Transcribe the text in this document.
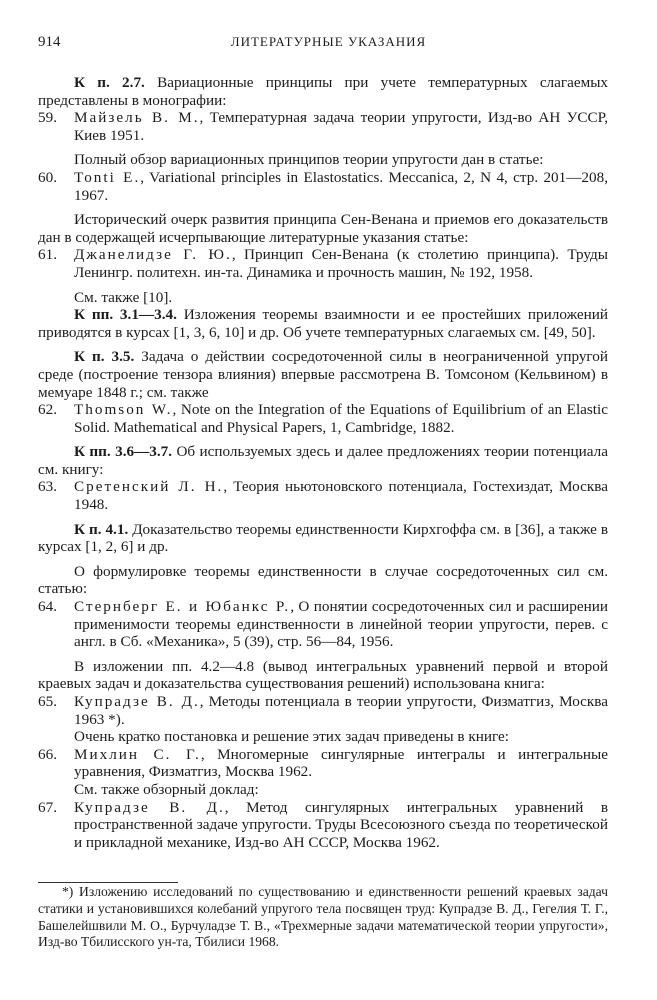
914	ЛИТЕРАТУРНЫЕ УКАЗАНИЯ

К п. 2.7. Вариационные принципы при учете температурных слагаемых представлены в монографии:

59. Майзель В. М., Температурная задача теории упругости, Изд-во АН УССР, Киев 1951.

Полный обзор вариационных принципов теории упругости дан в статье:

60. Tonti E., Variational principles in Elastostatics. Meccanica, 2, N 4, стр. 201—208, 1967.

Исторический очерк развития принципа Сен-Венана и приемов его доказательств дан в содержащей исчерпывающие литературные указания статье:

61. Джанелидзе Г. Ю., Принцип Сен-Венана (к столетию принципа). Труды Ленингр. политехн. ин-та. Динамика и прочность машин, № 192, 1958.

См. также [10].

К пп. 3.1—3.4. Изложения теоремы взаимности и ее простейших приложений приводятся в курсах [1, 3, 6, 10] и др. Об учете температурных слагаемых см. [49, 50].

К п. 3.5. Задача о действии сосредоточенной силы в неограниченной упругой среде (построение тензора влияния) впервые рассмотрена В. Томсоном (Кельвином) в мемуаре 1848 г.; см. также

62. Thomson W., Note on the Integration of the Equations of Equilibrium of an Elastic Solid. Mathematical and Physical Papers, 1, Cambridge, 1882.

К пп. 3.6—3.7. Об используемых здесь и далее предложениях теории потенциала см. книгу:

63. Сретенский Л. Н., Теория ньютоновского потенциала, Гостехиздат, Москва 1948.

К п. 4.1. Доказательство теоремы единственности Кирхгоффа см. в [36], а также в курсах [1, 2, 6] и др.

О формулировке теоремы единственности в случае сосредоточенных сил см. статью:

64. Стернберг Е. и Юбанкс Р., О понятии сосредоточенных сил и расширении применимости теоремы единственности в линейной теории упругости, перев. с англ. в Сб. «Механика», 5 (39), стр. 56—84, 1956.

В изложении пп. 4.2—4.8 (вывод интегральных уравнений первой и второй краевых задач и доказательства существования решений) использована книга:

65. Купрадзе В. Д., Методы потенциала в теории упругости, Физматгиз, Москва 1963 *).

Очень кратко постановка и решение этих задач приведены в книге:

66. Михлин С. Г., Многомерные сингулярные интегралы и интегральные уравнения, Физматгиз, Москва 1962.

См. также обзорный доклад:

67. Купрадзе В. Д., Метод сингулярных интегральных уравнений в пространственной задаче упругости. Труды Всесоюзного съезда по теоретической и прикладной механике, Изд-во АН СССР, Москва 1962.

*) Изложению исследований по существованию и единственности решений краевых задач статики и установившихся колебаний упругого тела посвящен труд: Купрадзе В. Д., Гегелия Т. Г., Башелейшвили М. О., Бурчуладзе Т. В., «Трехмерные задачи математической теории упругости», Изд-во Тбилисского ун-та, Тбилиси 1968.
